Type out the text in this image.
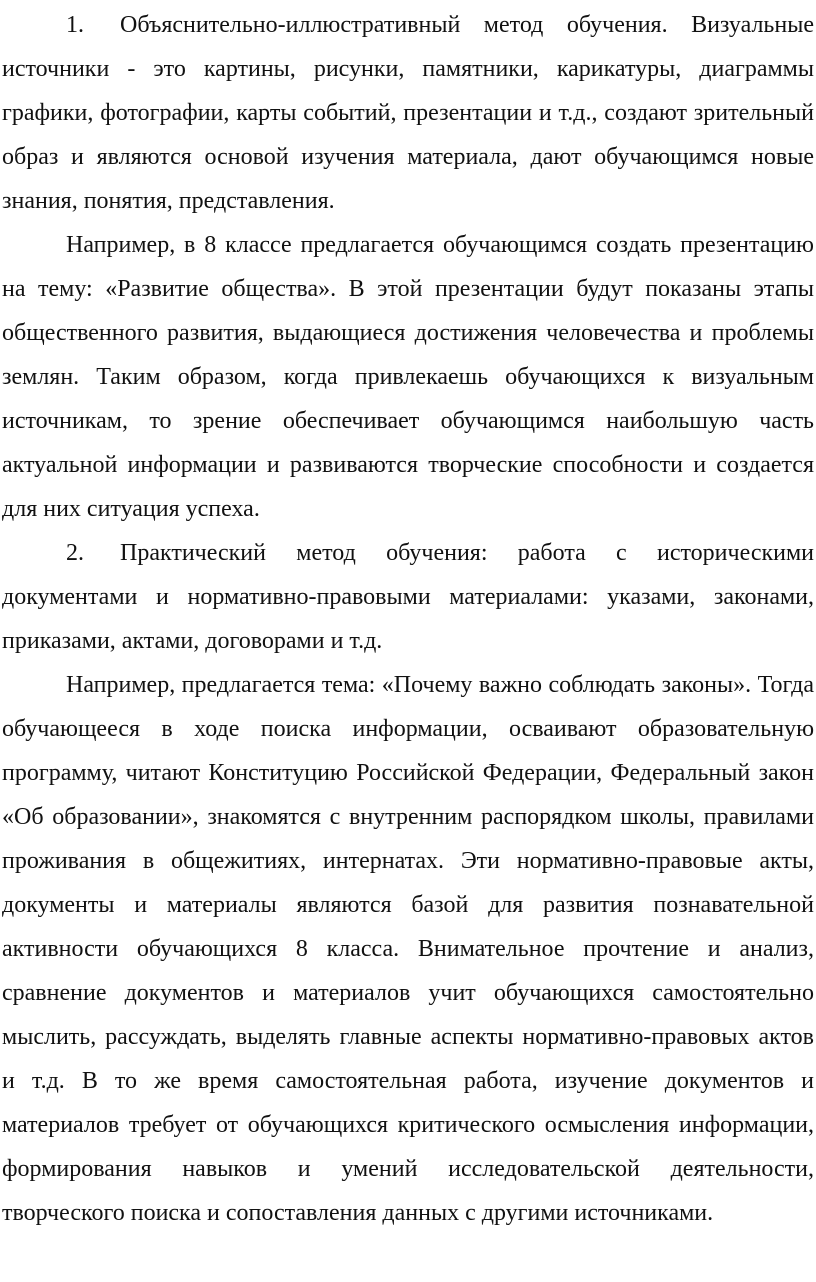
1. Объяснительно-иллюстративный метод обучения. Визуальные источники - это картины, рисунки, памятники, карикатуры, диаграммы графики, фотографии, карты событий, презентации и т.д., создают зрительный образ и являются основой изучения материала, дают обучающимся новые знания, понятия, представления.

Например, в 8 классе предлагается обучающимся создать презентацию на тему: «Развитие общества». В этой презентации будут показаны этапы общественного развития, выдающиеся достижения человечества и проблемы землян. Таким образом, когда привлекаешь обучающихся к визуальным источникам, то зрение обеспечивает обучающимся наибольшую часть актуальной информации и развиваются творческие способности и создается для них ситуация успеха.

2. Практический метод обучения: работа с историческими документами и нормативно-правовыми материалами: указами, законами, приказами, актами, договорами и т.д.

Например, предлагается тема: «Почему важно соблюдать законы». Тогда обучающееся в ходе поиска информации, осваивают образовательную программу, читают Конституцию Российской Федерации, Федеральный закон «Об образовании», знакомятся с внутренним распорядком школы, правилами проживания в общежитиях, интернатах. Эти нормативно-правовые акты, документы и материалы являются базой для развития познавательной активности обучающихся 8 класса. Внимательное прочтение и анализ, сравнение документов и материалов учит обучающихся самостоятельно мыслить, рассуждать, выделять главные аспекты нормативно-правовых актов и т.д. В то же время самостоятельная работа, изучение документов и материалов требует от обучающихся критического осмысления информации, формирования навыков и умений исследовательской деятельности, творческого поиска и сопоставления данных с другими источниками.
